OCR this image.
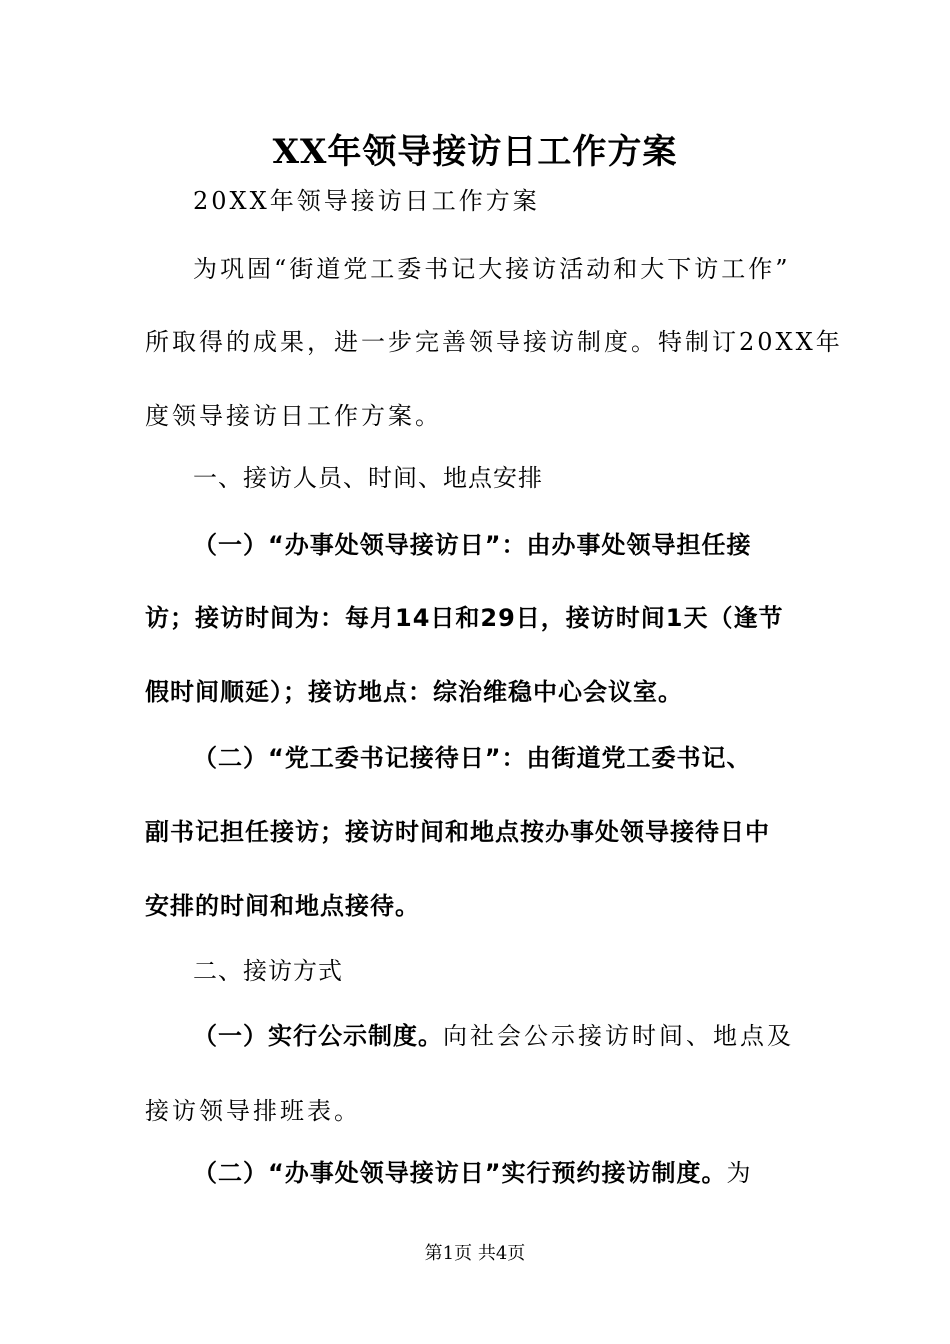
XX年领导接访日工作方案
20XX年领导接访日工作方案
为巩固“街道党工委书记大接访活动和大下访工作”
所取得的成果，进一步完善领导接访制度。特制订20XX年
度领导接访日工作方案。
一、接访人员、时间、地点安排
（一）“办事处领导接访日”：由办事处领导担任接
访；接访时间为：每月14日和29日，接访时间1天（逢节
假时间顺延）；接访地点：综治维稳中心会议室。
（二）“党工委书记接待日”：由街道党工委书记、
副书记担任接访；接访时间和地点按办事处领导接待日中
安排的时间和地点接待。
二、接访方式
（一）实行公示制度。向社会公示接访时间、地点及
接访领导排班表。
（二）“办事处领导接访日”实行预约接访制度。为
第1页 共4页
